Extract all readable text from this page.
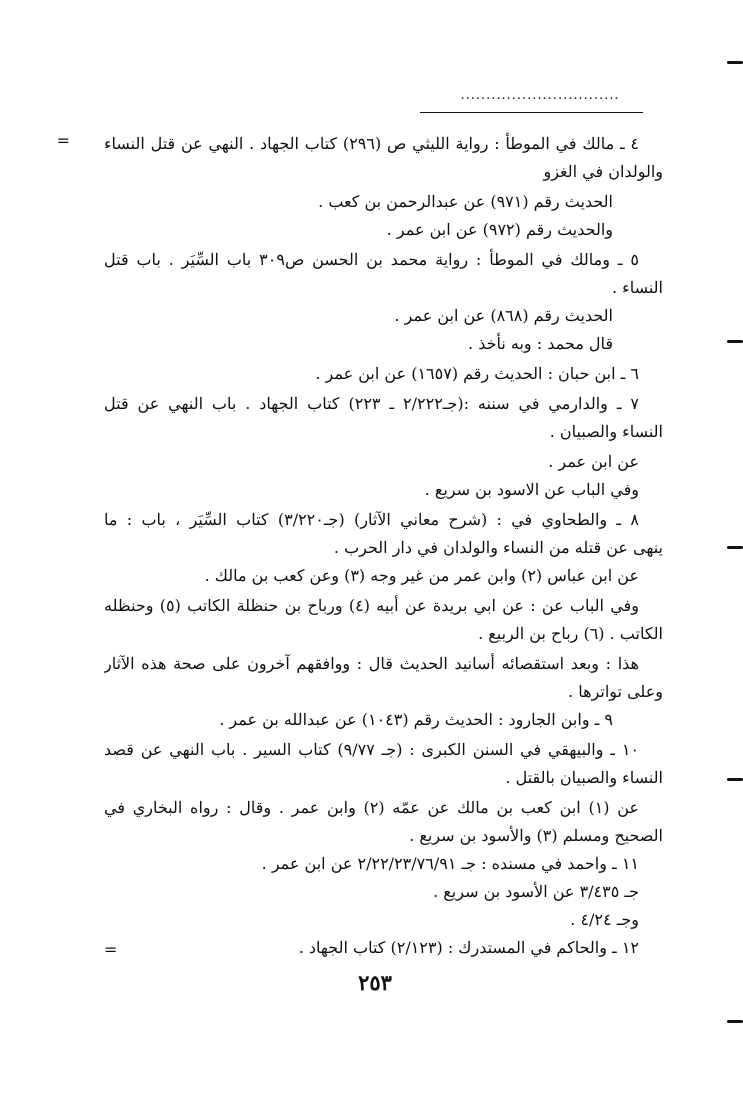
...............................
= ٤ ـ مالك في الموطأ : رواية الليثي ص (٢٩٦) كتاب الجهاد . النهي عن قتل النساء
والولدان في الغزو
الحديث رقم (٩٧١) عن عبدالرحمن بن كعب .
والحديث رقم (٩٧٢) عن ابن عمر .
٥ ـ ومالك في الموطأ : رواية محمد بن الحسن ص٣٠٩ باب السِّيَر . باب قتل
النساء .
الحديث رقم (٨٦٨) عن ابن عمر .
قال محمد : وبه نأخذ .
٦ ـ ابن حبان : الحديث رقم (١٦٥٧) عن ابن عمر .
٧ ـ والدارمي في سننه :(جـ٢/٢٢٢ ـ ٢٢٣) كتاب الجهاد . باب النهي عن قتل
النساء والصبيان .
عن ابن عمر .
وفي الباب عن الاسود بن سريع .
٨ ـ والطحاوي في : (شرح معاني الآثار) (جـ٣/٢٢٠) كتاب السِّيَر ، باب : ما
ينهى عن قتله من النساء والولدان في دار الحرب .
عن ابن عباس (٢) وابن عمر من غير وجه (٣) وعن كعب بن مالك .
وفي الباب عن : عن ابي بريدة عن أبيه (٤) ورباح بن حنظلة الكاتب (٥) وحنظله
الكاتب . (٦) رباح بن الربيع .
هذا : وبعد استقصائه أسانيد الحديث قال : ووافقهم آخرون على صحة هذه الآثار
وعلى تواترها .
٩ ـ وابن الجارود : الحديث رقم (١٠٤٣) عن عبدالله بن عمر .
١٠ ـ والبيهقي في السنن الكبرى : (جـ ٩/٧٧) كتاب السير . باب النهي عن قصد
النساء والصبيان بالقتل .
عن (١) ابن كعب بن مالك عن عمّه (٢) وابن عمر . وقال : رواه البخاري في
الصحيح ومسلم (٣) والأسود بن سريع .
١١ ـ واحمد في مسنده : جـ ٢/٢٢/٢٣/٧٦/٩١ عن ابن عمر .
جـ ٣/٤٣٥ عن الأسود بن سريع .
وجـ ٤/٢٤ .
١٢ ـ والحاكم في المستدرك : (٢/١٢٣) كتاب الجهاد .
=
٢٥٣
